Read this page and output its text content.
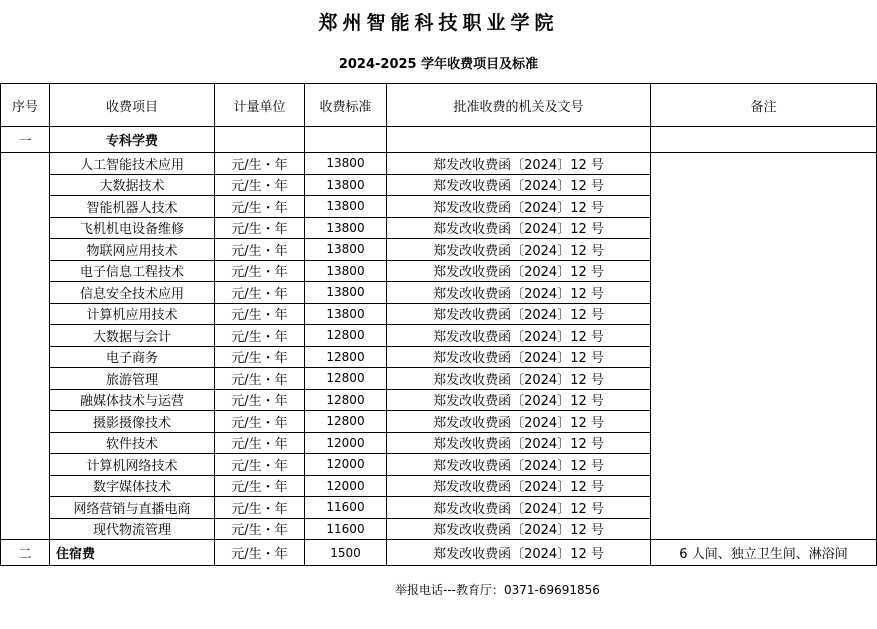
郑州智能科技职业学院
2024-2025 学年收费项目及标准
序号	收费项目	计量单位	收费标准	批准收费的机关及文号	备注
一	专科学费				
	人工智能技术应用	元/生・年	13800	郑发改收费函〔2024〕12 号	
	大数据技术	元/生・年	13800	郑发改收费函〔2024〕12 号	
	智能机器人技术	元/生・年	13800	郑发改收费函〔2024〕12 号	
	飞机机电设备维修	元/生・年	13800	郑发改收费函〔2024〕12 号	
	物联网应用技术	元/生・年	13800	郑发改收费函〔2024〕12 号	
	电子信息工程技术	元/生・年	13800	郑发改收费函〔2024〕12 号	
	信息安全技术应用	元/生・年	13800	郑发改收费函〔2024〕12 号	
	计算机应用技术	元/生・年	13800	郑发改收费函〔2024〕12 号	
	大数据与会计	元/生・年	12800	郑发改收费函〔2024〕12 号	
	电子商务	元/生・年	12800	郑发改收费函〔2024〕12 号	
	旅游管理	元/生・年	12800	郑发改收费函〔2024〕12 号	
	融媒体技术与运营	元/生・年	12800	郑发改收费函〔2024〕12 号	
	摄影摄像技术	元/生・年	12800	郑发改收费函〔2024〕12 号	
	软件技术	元/生・年	12000	郑发改收费函〔2024〕12 号	
	计算机网络技术	元/生・年	12000	郑发改收费函〔2024〕12 号	
	数字媒体技术	元/生・年	12000	郑发改收费函〔2024〕12 号	
	网络营销与直播电商	元/生・年	11600	郑发改收费函〔2024〕12 号	
	现代物流管理	元/生・年	11600	郑发改收费函〔2024〕12 号	
二	住宿费	元/生・年	1500	郑发改收费函〔2024〕12 号	6 人间、独立卫生间、淋浴间
举报电话---教育厅：0371-69691856
